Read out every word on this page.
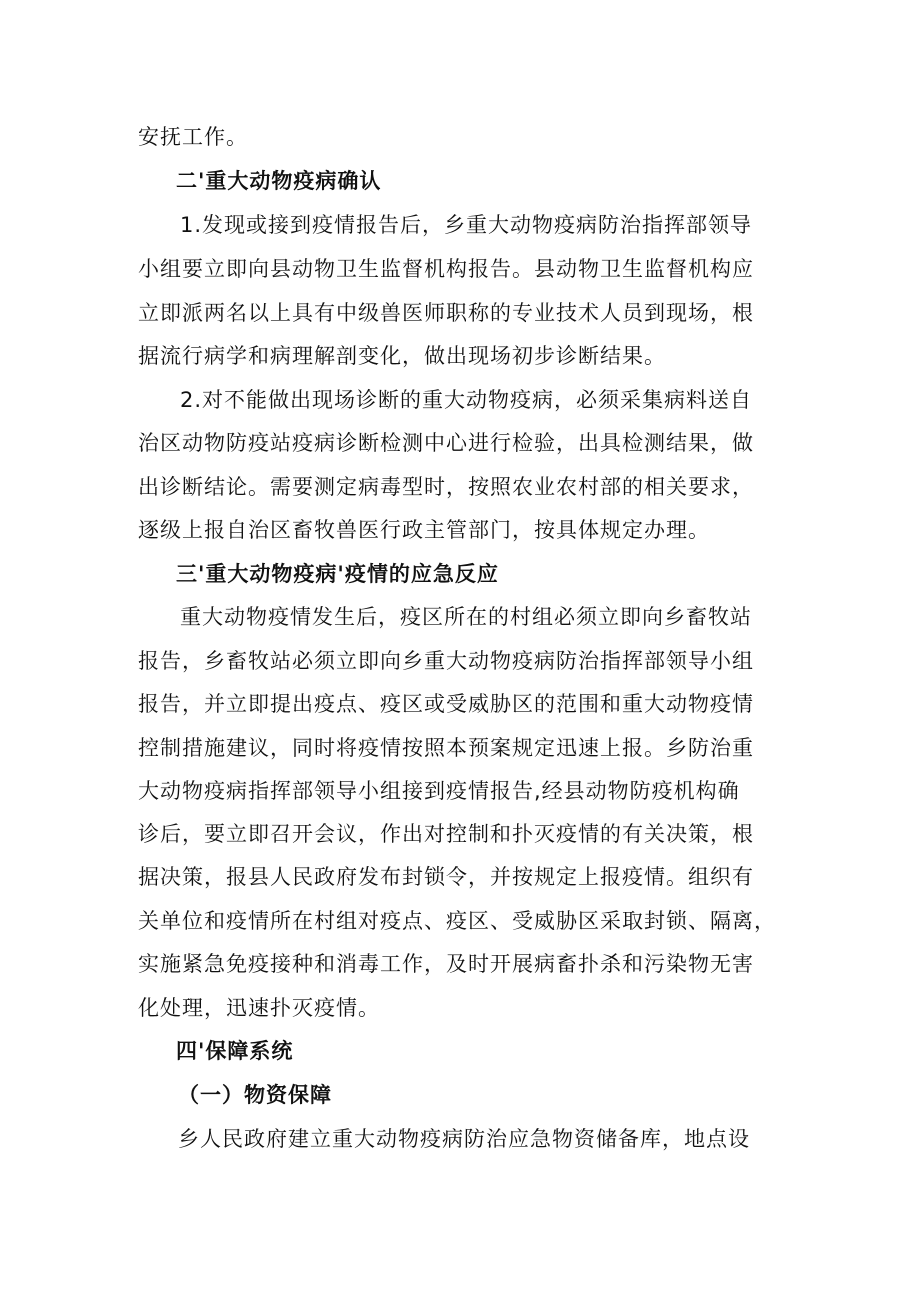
安抚工作。
二'重大动物疫病确认
1.发现或接到疫情报告后，乡重大动物疫病防治指挥部领导
小组要立即向县动物卫生监督机构报告。县动物卫生监督机构应
立即派两名以上具有中级兽医师职称的专业技术人员到现场，根
据流行病学和病理解剖变化，做出现场初步诊断结果。
2.对不能做出现场诊断的重大动物疫病，必须采集病料送自
治区动物防疫站疫病诊断检测中心进行检验，出具检测结果，做
出诊断结论。需要测定病毒型时，按照农业农村部的相关要求，
逐级上报自治区畜牧兽医行政主管部门，按具体规定办理。
三'重大动物疫病'疫情的应急反应
重大动物疫情发生后，疫区所在的村组必须立即向乡畜牧站
报告，乡畜牧站必须立即向乡重大动物疫病防治指挥部领导小组
报告，并立即提出疫点、疫区或受威胁区的范围和重大动物疫情
控制措施建议，同时将疫情按照本预案规定迅速上报。乡防治重
大动物疫病指挥部领导小组接到疫情报告,经县动物防疫机构确
诊后，要立即召开会议，作出对控制和扑灭疫情的有关决策，根
据决策，报县人民政府发布封锁令，并按规定上报疫情。组织有
关单位和疫情所在村组对疫点、疫区、受威胁区采取封锁、隔离，
实施紧急免疫接种和消毒工作，及时开展病畜扑杀和污染物无害
化处理，迅速扑灭疫情。
四'保障系统
（一）物资保障
乡人民政府建立重大动物疫病防治应急物资储备库，地点设
